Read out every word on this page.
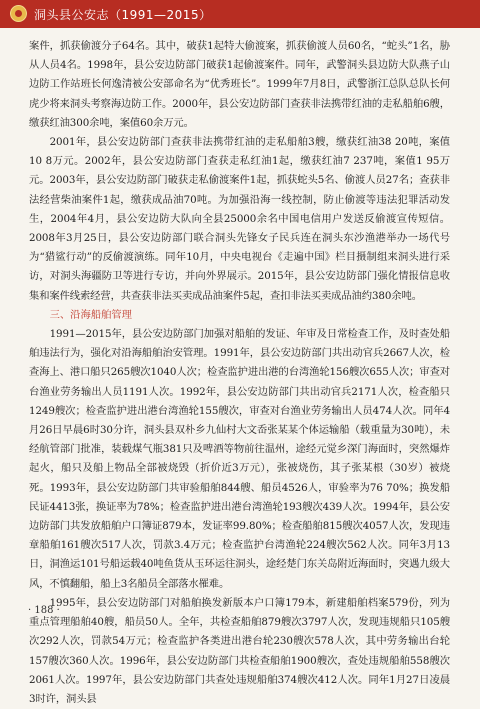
洞头县公安志（1991—2015）

案件，抓获偷渡分子64名。其中，破获1起特大偷渡案，抓获偷渡人员60名，“蛇头”1名，胁从人员4名。1998年，县公安边防部门破获1起偷渡案件。同年，武警洞头县边防大队燕子山边防工作站班长何逸清被公安部命名为“优秀班长”。1999年7月8日，武警浙江总队总队长何虎少将来洞头考察海边防工作。2000年，县公安边防部门查获非法携带红油的走私船舶6艘，缴获红油300余吨，案值60余万元。

2001年，县公安边防部门查获非法携带红油的走私船舶3艘，缴获红油38 20吨，案值10 8万元。2002年，县公安边防部门查获走私红油1起，缴获红油7 237吨，案值1 95万元。2003年，县公安边防部门破获走私偷渡案件1起，抓获蛇头5名、偷渡人员27名；查获非法经营柴油案件1起，缴获成品油70吨。为加强沿海一线控制，防止偷渡等违法犯罪活动发生，2004年4月，县公安边防大队向全县25000余名中国电信用户发送反偷渡宣传短信。2008年3月25日，县公安边防部门联合洞头先锋女子民兵连在洞头东沙渔港举办一场代号为“猎鲨行动”的反偷渡演练。同年10月，中央电视台《走遍中国》栏目摄制组来洞头进行采访，对洞头海疆防卫等进行专访，并向外界展示。2015年，县公安边防部门强化情报信息收集和案件线索经营，共查获非法买卖成品油案件5起，查扣非法买卖成品油约380余吨。

三、沿海船舶管理

1991—2015年，县公安边防部门加强对船舶的发证、年审及日常检查工作，及时查处船舶违法行为，强化对沿海船舶治安管理。1991年，县公安边防部门共出动官兵2667人次，检查海上、港口船只265艘次1040人次；检查监护进出港的台湾渔轮156艘次655人次；审查对台渔业劳务输出人员1191人次。1992年，县公安边防部门共出动官兵2171人次，检查船只1249艘次；检查监护进出港台湾渔轮155艘次，审查对台渔业劳务输出人员474人次。同年4月26日早晨6时30分许，洞头县双朴乡九仙村大文岙张某某个体运输船（载重量为30吨），未经航管部门批准，装载煤气瓶381只及啤酒等物前往温州，途经元觉乡深门海面时，突然爆炸起火，船只及船上物品全部被烧毁（折价近3万元），张被烧伤，其子张某根（30岁）被烧死。1993年，县公安边防部门共审验船舶844艘、船员4526人，审验率为76 70%；换发船民证4413张，换证率为78%；检查监护进出港台湾渔轮193艘次439人次。1994年，县公安边防部门共发放船舶户口簿证879本，发证率99.80%；检查船舶815艘次4057人次，发现违章船舶161艘次517人次，罚款3.4万元；检查监护台湾渔轮224艘次562人次。同年3月13日，洞渔运101号船运载40吨鱼货从玉环运往洞头，途经楚门东关岛附近海面时，突遇九级大风，不慎翻船，船上3名船员全部落水罹难。

1995年，县公安边防部门对船舶换发新版本户口簿179本，新建船舶档案579份，列为重点管理船舶40艘，船员50人。全年，共检查船舶879艘次3797人次，发现违规船只105艘次292人次，罚款54万元；检查监护各类进出港台轮230艘次578人次，其中劳务输出台轮157艘次360人次。1996年，县公安边防部门共检查船舶1900艘次，查处违规船舶558艘次2061人次。1997年，县公安边防部门共查处违规船舶374艘次412人次。同年1月27日凌晨3时许，洞头县

· 188 ·
